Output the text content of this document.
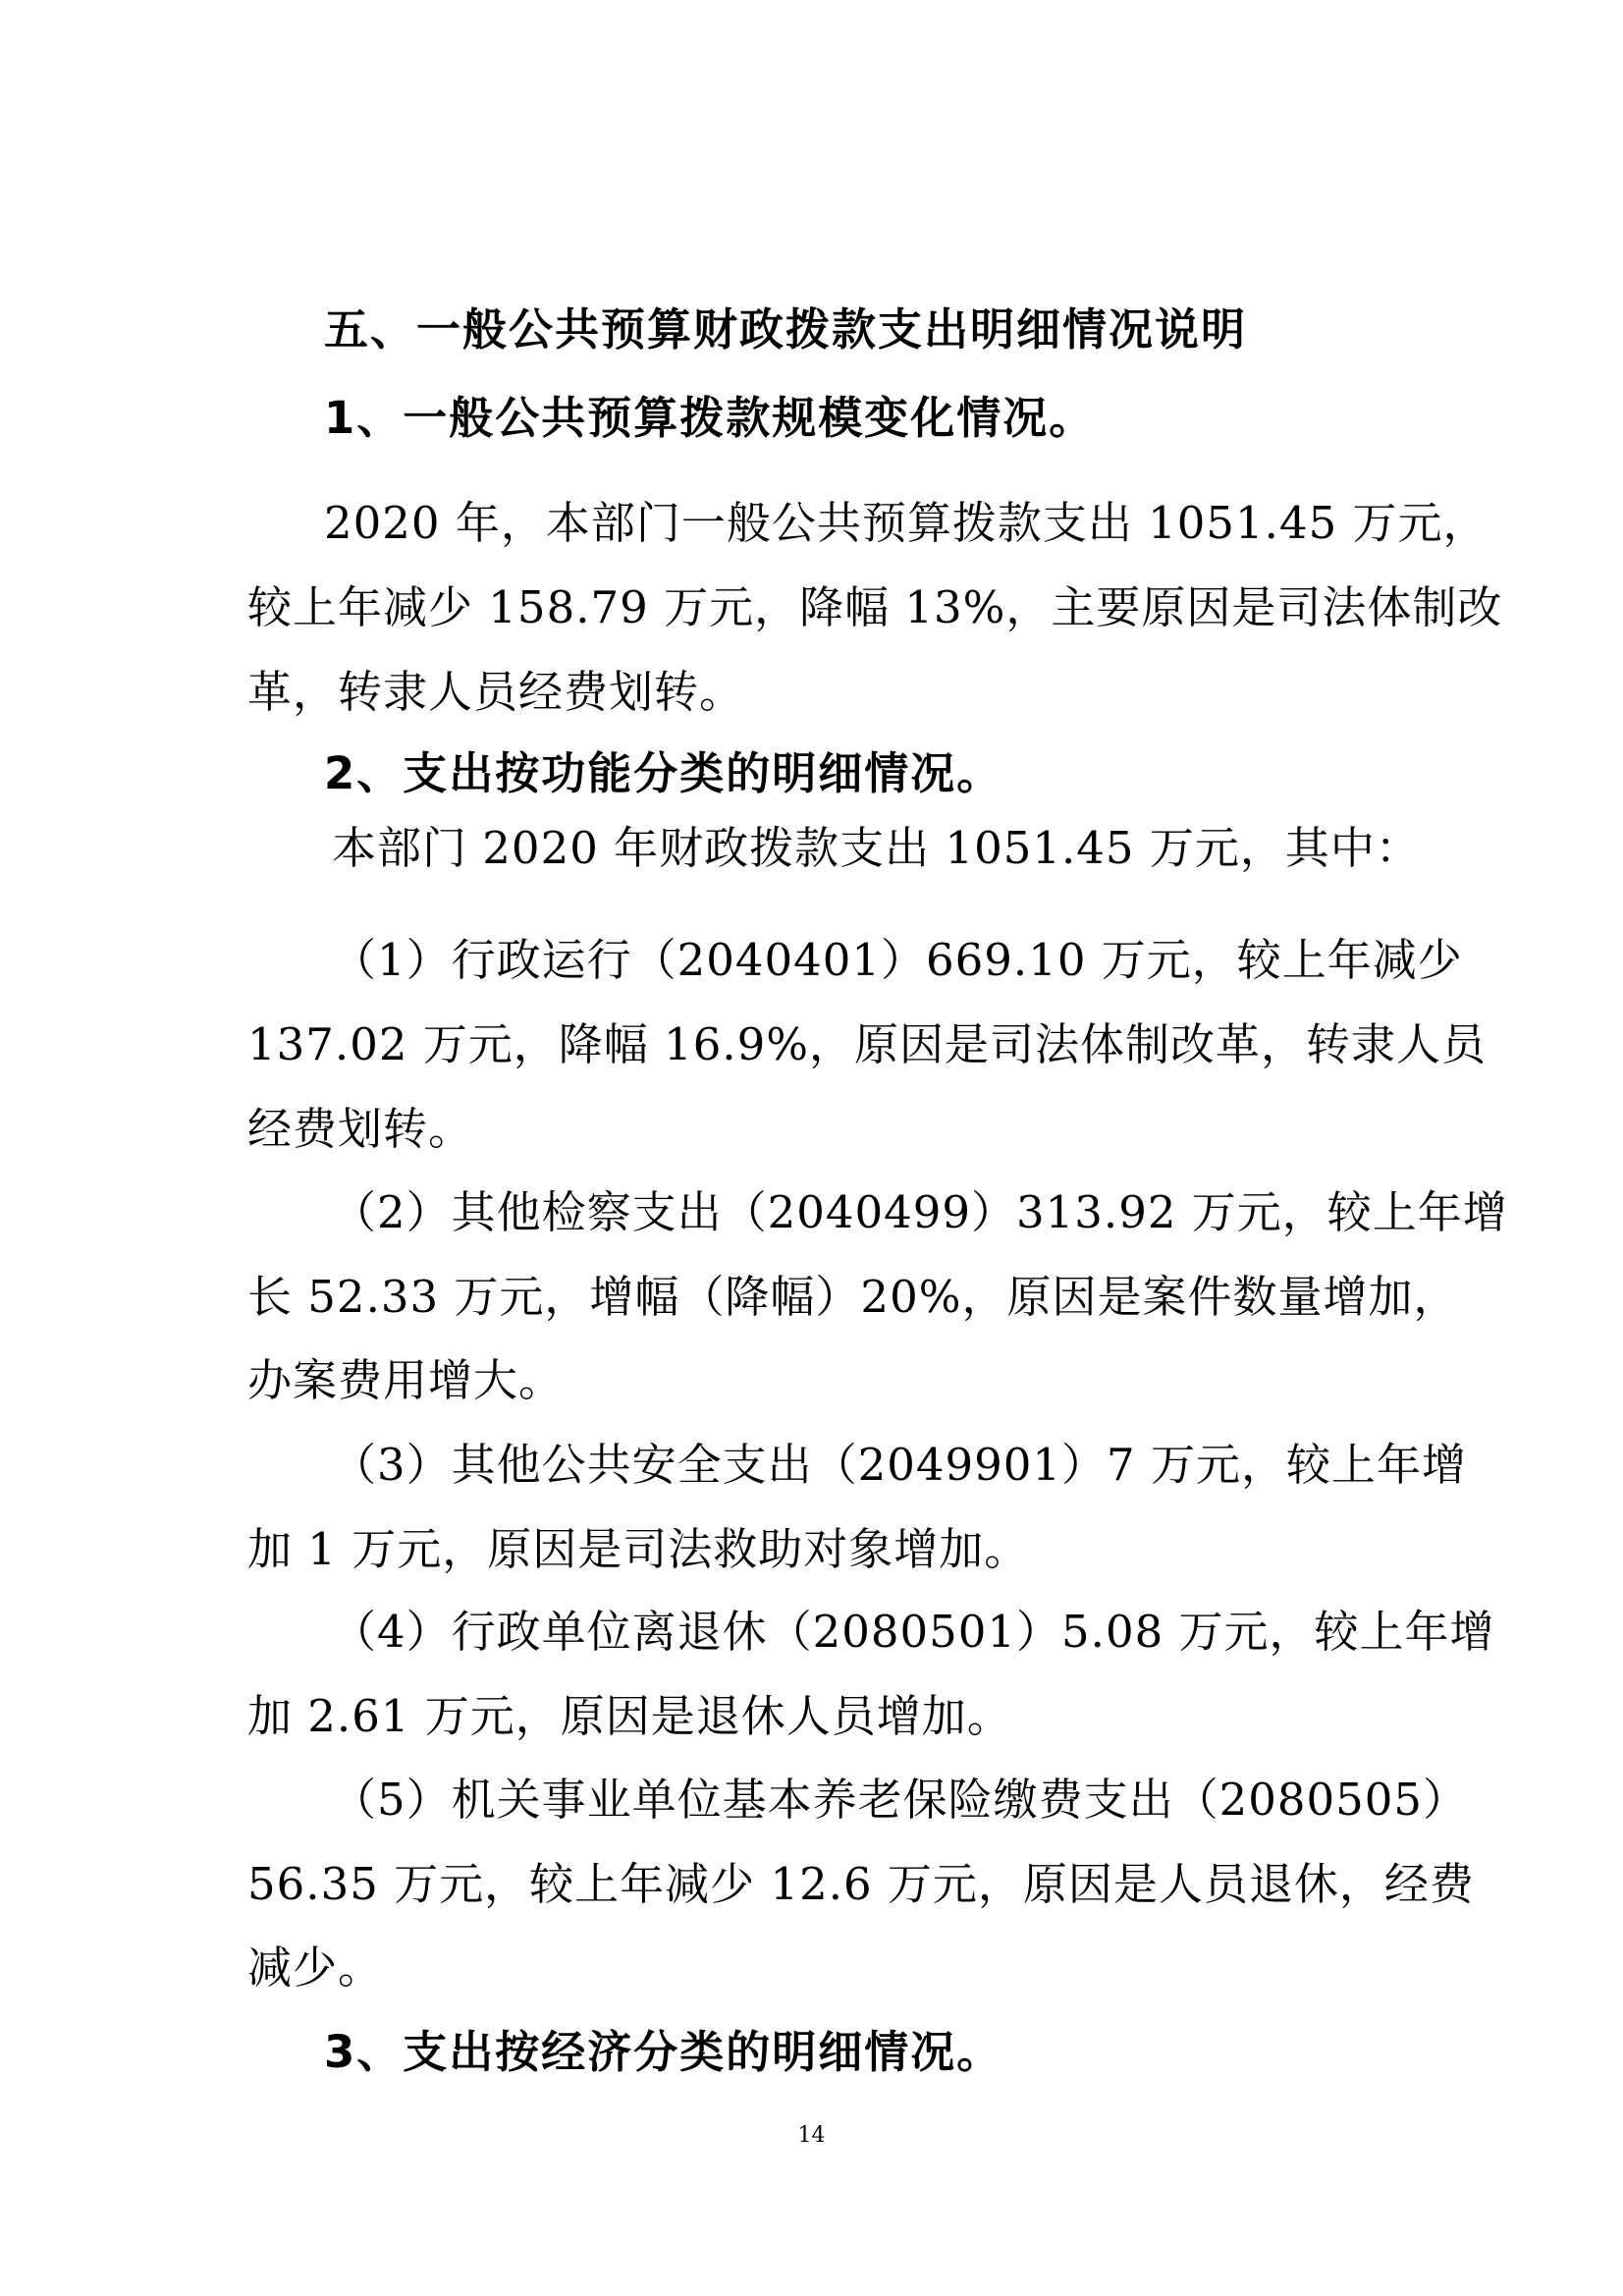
五、一般公共预算财政拨款支出明细情况说明
1、一般公共预算拨款规模变化情况。
2020 年，本部门一般公共预算拨款支出 1051.45 万元，
较上年减少 158.79 万元，降幅 13%，主要原因是司法体制改
革，转隶人员经费划转。
2、支出按功能分类的明细情况。
本部门 2020 年财政拨款支出 1051.45 万元，其中：
（1）行政运行（2040401）669.10 万元，较上年减少
137.02 万元，降幅 16.9%，原因是司法体制改革，转隶人员
经费划转。
（2）其他检察支出（2040499）313.92 万元，较上年增
长 52.33 万元，增幅（降幅）20%，原因是案件数量增加，
办案费用增大。
（3）其他公共安全支出（2049901）7 万元，较上年增
加 1 万元，原因是司法救助对象增加。
（4）行政单位离退休（2080501）5.08 万元，较上年增
加 2.61 万元，原因是退休人员增加。
（5）机关事业单位基本养老保险缴费支出（2080505）
56.35 万元，较上年减少 12.6 万元，原因是人员退休，经费
减少。
3、支出按经济分类的明细情况。
14
